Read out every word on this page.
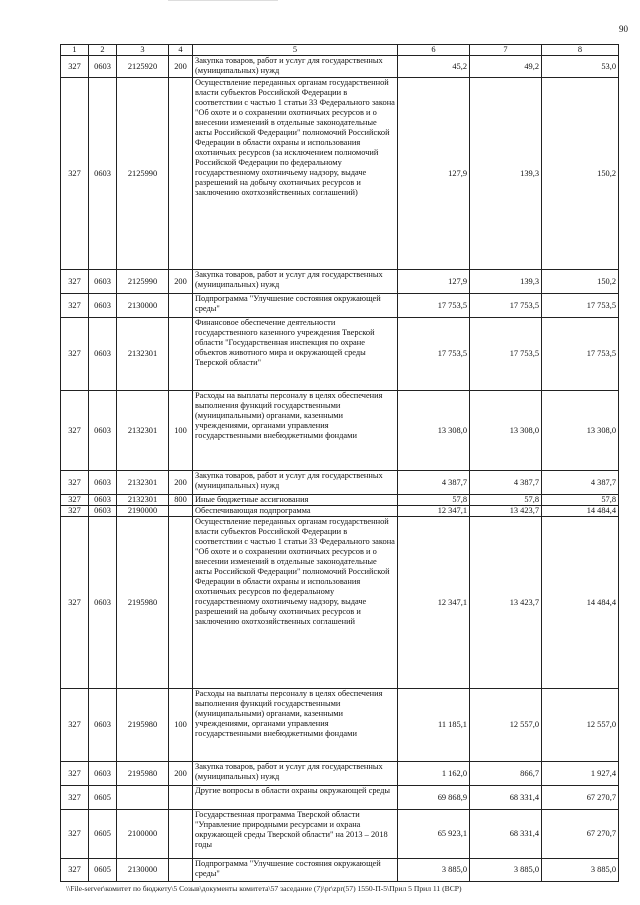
90
1	2	3	4	5	6	7	8
327	0603	2125920	200	Закупка товаров, работ и услуг для государственных (муниципальных) нужд	45,2	49,2	53,0
327	0603	2125990		Осуществление переданных органам государственной власти субъектов Российской Федерации в соответствии с частью 1 статьи 33 Федерального закона "Об охоте и о сохранении охотничьих ресурсов и о внесении изменений в отдельные законодательные акты Российской Федерации" полномочий Российской Федерации в области охраны и использования охотничьих ресурсов (за исключением полномочий Российской Федерации по федеральному государственному охотничьему надзору, выдаче разрешений на добычу охотничьих ресурсов и заключению охотхозяйственных соглашений)	127,9	139,3	150,2
327	0603	2125990	200	Закупка товаров, работ и услуг для государственных (муниципальных) нужд	127,9	139,3	150,2
327	0603	2130000		Подпрограмма "Улучшение состояния окружающей среды"	17 753,5	17 753,5	17 753,5
327	0603	2132301		Финансовое обеспечение деятельности государственного казенного учреждения Тверской области "Государственная инспекция по охране объектов животного мира и окружающей среды Тверской области"	17 753,5	17 753,5	17 753,5
327	0603	2132301	100	Расходы на выплаты персоналу в целях обеспечения выполнения функций государственными (муниципальными) органами, казенными учреждениями, органами управления государственными внебюджетными фондами	13 308,0	13 308,0	13 308,0
327	0603	2132301	200	Закупка товаров, работ и услуг для государственных (муниципальных) нужд	4 387,7	4 387,7	4 387,7
327	0603	2132301	800	Иные бюджетные ассигнования	57,8	57,8	57,8
327	0603	2190000		Обеспечивающая подпрограмма	12 347,1	13 423,7	14 484,4
327	0603	2195980		Осуществление переданных органам государственной власти субъектов Российской Федерации в соответствии с частью 1 статьи 33 Федерального закона "Об охоте и о сохранении охотничьих ресурсов и о внесении изменений в отдельные законодательные акты Российской Федерации" полномочий Российской Федерации в области охраны и использования охотничьих ресурсов по федеральному государственному охотничьему надзору, выдаче разрешений на добычу охотничьих ресурсов и заключению охотхозяйственных соглашений	12 347,1	13 423,7	14 484,4
327	0603	2195980	100	Расходы на выплаты персоналу в целях обеспечения выполнения функций государственными (муниципальными) органами, казенными учреждениями, органами управления государственными внебюджетными фондами	11 185,1	12 557,0	12 557,0
327	0603	2195980	200	Закупка товаров, работ и услуг для государственных (муниципальных) нужд	1 162,0	866,7	1 927,4
327	0605			Другие вопросы в области охраны окружающей среды	69 868,9	68 331,4	67 270,7
327	0605	2100000		Государственная программа Тверской области "Управление природными ресурсами и охрана окружающей среды Тверской области" на 2013 – 2018 годы	65 923,1	68 331,4	67 270,7
327	0605	2130000		Подпрограмма "Улучшение состояния окружающей среды"	3 885,0	3 885,0	3 885,0
\\File-server\комитет по бюджету\5 Созыв\документы комитета\57 заседание (7)\pr\zpr(57) 1550-П-5\Прил 5 Прил 11 (ВСР)
